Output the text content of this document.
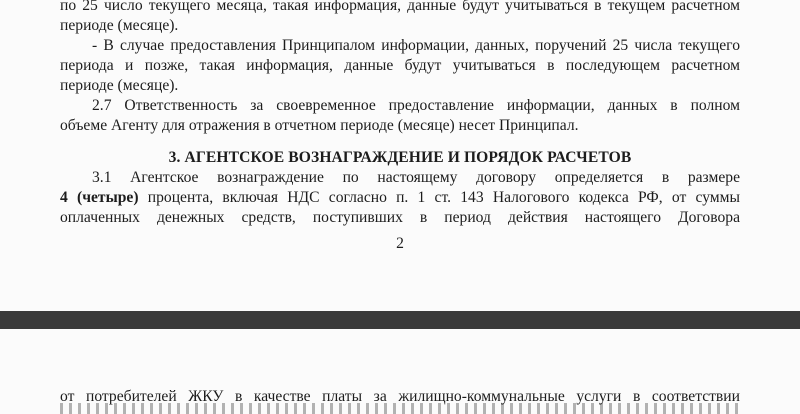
по 25 число текущего месяца, такая информация, данные будут учитываться в текущем расчетном
периоде (месяце).
- В случае предоставления Принципалом информации, данных, поручений 25 числа текущего
периода и позже, такая информация, данные будут учитываться в последующем расчетном
периоде (месяце).
2.7 Ответственность за своевременное предоставление информации, данных в полном
объеме Агенту для отражения в отчетном периоде (месяце) несет Принципал.
3. АГЕНТСКОЕ ВОЗНАГРАЖДЕНИЕ И ПОРЯДОК РАСЧЕТОВ
3.1 Агентское вознаграждение по настоящему договору определяется в размере
4 (четыре) процента, включая НДС согласно п. 1 ст. 143 Налогового кодекса РФ, от суммы
оплаченных денежных средств, поступивших в период действия настоящего Договора
2
от потребителей ЖКУ в качестве платы за жилищно-коммунальные услуги в соответствии
